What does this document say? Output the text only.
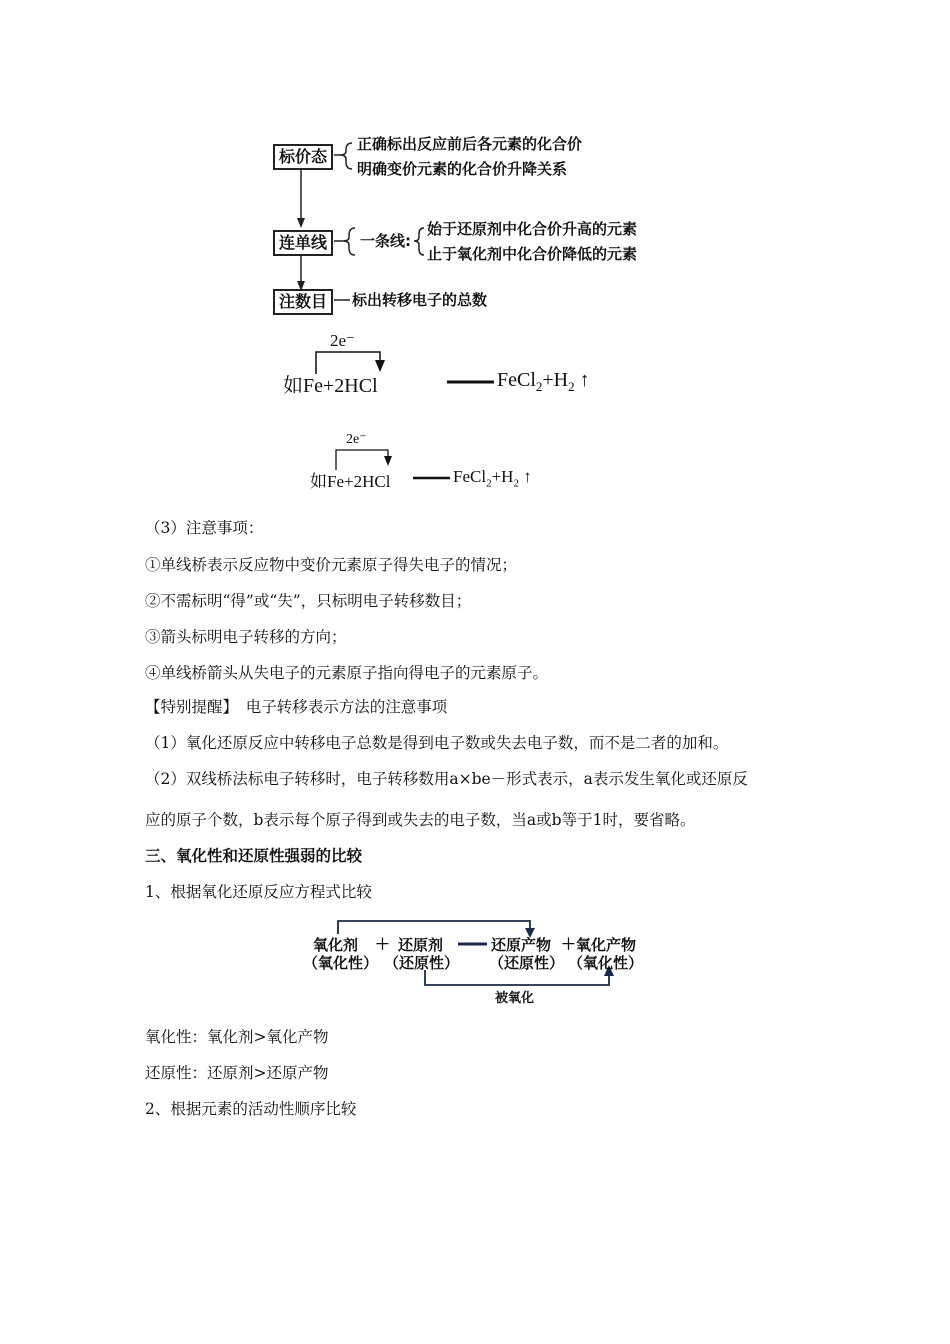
标价态
正确标出反应前后各元素的化合价
明确变价元素的化合价升降关系
连单线	一条线:
始于还原剂中化合价升高的元素
止于氧化剂中化合价降低的元素
注数目	标出转移电子的总数
2e⁻
如Fe+2HCl	$FeCl_2+H_2$ ↑
2e⁻
如Fe+2HCl	$FeCl_2+H_2$ ↑
（3）注意事项：
①单线桥表示反应物中变价元素原子得失电子的情况；
②不需标明“得”或“失”，只标明电子转移数目；
③箭头标明电子转移的方向；
④单线桥箭头从失电子的元素原子指向得电子的元素原子。
【特别提醒】　电子转移表示方法的注意事项
（1）氧化还原反应中转移电子总数是得到电子数或失去电子数，而不是二者的加和。
（2）双线桥法标电子转移时，电子转移数用a×be－形式表示，a表示发生氧化或还原反
应的原子个数，b表示每个原子得到或失去的电子数，当a或b等于1时，要省略。
三、氧化性和还原性强弱的比较
1、根据氧化还原反应方程式比较
氧化剂
（氧化性）
＋ 还原剂
（还原性）
还原产物
（还原性）
＋ 氧化产物
（氧化性）
被氧化
氧化性：氧化剂>氧化产物
还原性：还原剂>还原产物
2、根据元素的活动性顺序比较
